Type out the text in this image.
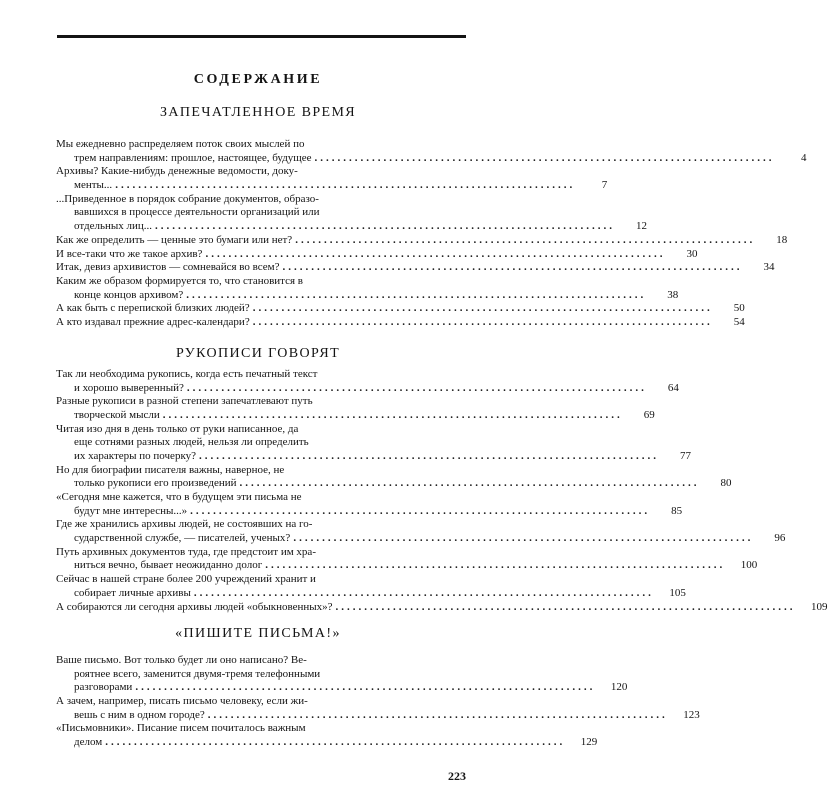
СОДЕРЖАНИЕ
ЗАПЕЧАТЛЕННОЕ ВРЕМЯ
Мы ежедневно распределяем поток своих мыслей по
трем направлениям: прошлое, настоящее, будущее ................................................................................	4
Архивы? Какие-нибудь денежные ведомости, доку-
менты... ................................................................................	7
...Приведенное в порядок собрание документов, образо-
вавшихся в процессе деятельности организаций или
отдельных лиц... ................................................................................	12
Как же определить — ценные это бумаги или нет? ................................................................................	18
И все-таки что же такое архив? ................................................................................	30
Итак, девиз архивистов — сомневайся во всем? ................................................................................	34
Каким же образом формируется то, что становится в
конце концов архивом? ................................................................................	38
А как быть с перепиской близких людей? ................................................................................	50
А кто издавал прежние адрес-календари? ................................................................................	54
РУКОПИСИ ГОВОРЯТ
Так ли необходима рукопись, когда есть печатный текст
и хорошо выверенный? ................................................................................	64
Разные рукописи в разной степени запечатлевают путь
творческой мысли ................................................................................	69
Читая изо дня в день только от руки написанное, да
еще сотнями разных людей, нельзя ли определить
их характеры по почерку? ................................................................................	77
Но для биографии писателя важны, наверное, не
только рукописи его произведений ................................................................................	80
«Сегодня мне кажется, что в будущем эти письма не
будут мне интересны...» ................................................................................	85
Где же хранились архивы людей, не состоявших на го-
сударственной службе, — писателей, ученых? ................................................................................	96
Путь архивных документов туда, где предстоит им хра-
ниться вечно, бывает неожиданно долог ................................................................................	100
Сейчас в нашей стране более 200 учреждений хранит и
собирает личные архивы ................................................................................	105
А собираются ли сегодня архивы людей «обыкновенных»? ................................................................................	109
«ПИШИТЕ ПИСЬМА!»
Ваше письмо. Вот только будет ли оно написано? Ве-
роятнее всего, заменится двумя-тремя телефонными
разговорами ................................................................................	120
А зачем, например, писать письмо человеку, если жи-
вешь с ним в одном городе? ................................................................................	123
«Письмовники». Писание писем почиталось важным
делом ................................................................................	129
223
